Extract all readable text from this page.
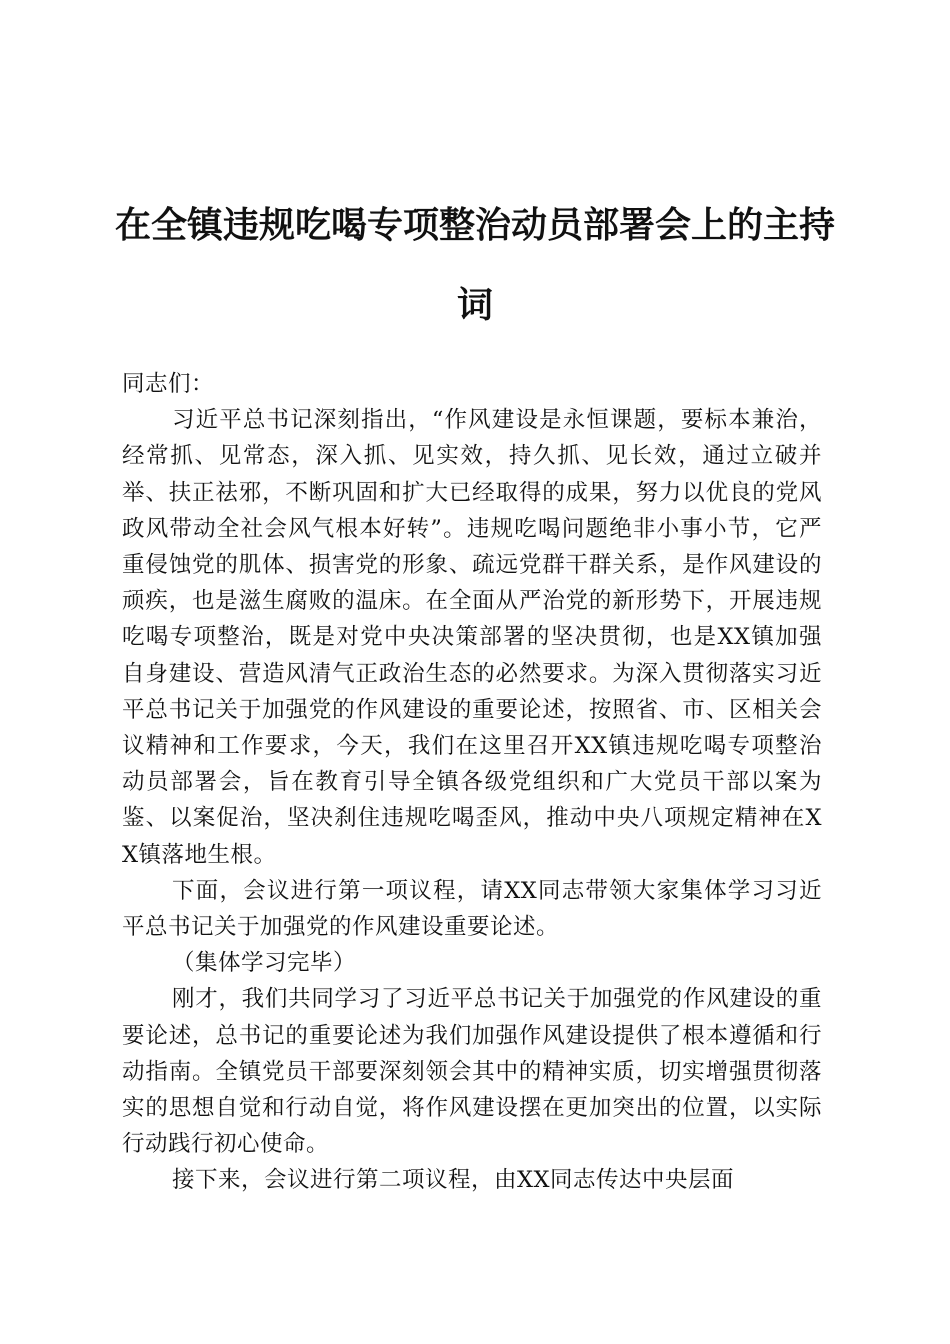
在全镇违规吃喝专项整治动员部署会上的主持
词

同志们：

习近平总书记深刻指出，“作风建设是永恒课题，要标本兼治，经常抓、见常态，深入抓、见实效，持久抓、见长效，通过立破并举、扶正祛邪，不断巩固和扩大已经取得的成果，努力以优良的党风政风带动全社会风气根本好转”。违规吃喝问题绝非小事小节，它严重侵蚀党的肌体、损害党的形象、疏远党群干群关系，是作风建设的顽疾，也是滋生腐败的温床。在全面从严治党的新形势下，开展违规吃喝专项整治，既是对党中央决策部署的坚决贯彻，也是XX镇加强自身建设、营造风清气正政治生态的必然要求。为深入贯彻落实习近平总书记关于加强党的作风建设的重要论述，按照省、市、区相关会议精神和工作要求，今天，我们在这里召开XX镇违规吃喝专项整治动员部署会，旨在教育引导全镇各级党组织和广大党员干部以案为鉴、以案促治，坚决刹住违规吃喝歪风，推动中央八项规定精神在XX镇落地生根。

下面，会议进行第一项议程，请XX同志带领大家集体学习习近平总书记关于加强党的作风建设重要论述。

（集体学习完毕）

刚才，我们共同学习了习近平总书记关于加强党的作风建设的重要论述，总书记的重要论述为我们加强作风建设提供了根本遵循和行动指南。全镇党员干部要深刻领会其中的精神实质，切实增强贯彻落实的思想自觉和行动自觉，将作风建设摆在更加突出的位置，以实际行动践行初心使命。

接下来，会议进行第二项议程，由XX同志传达中央层面
